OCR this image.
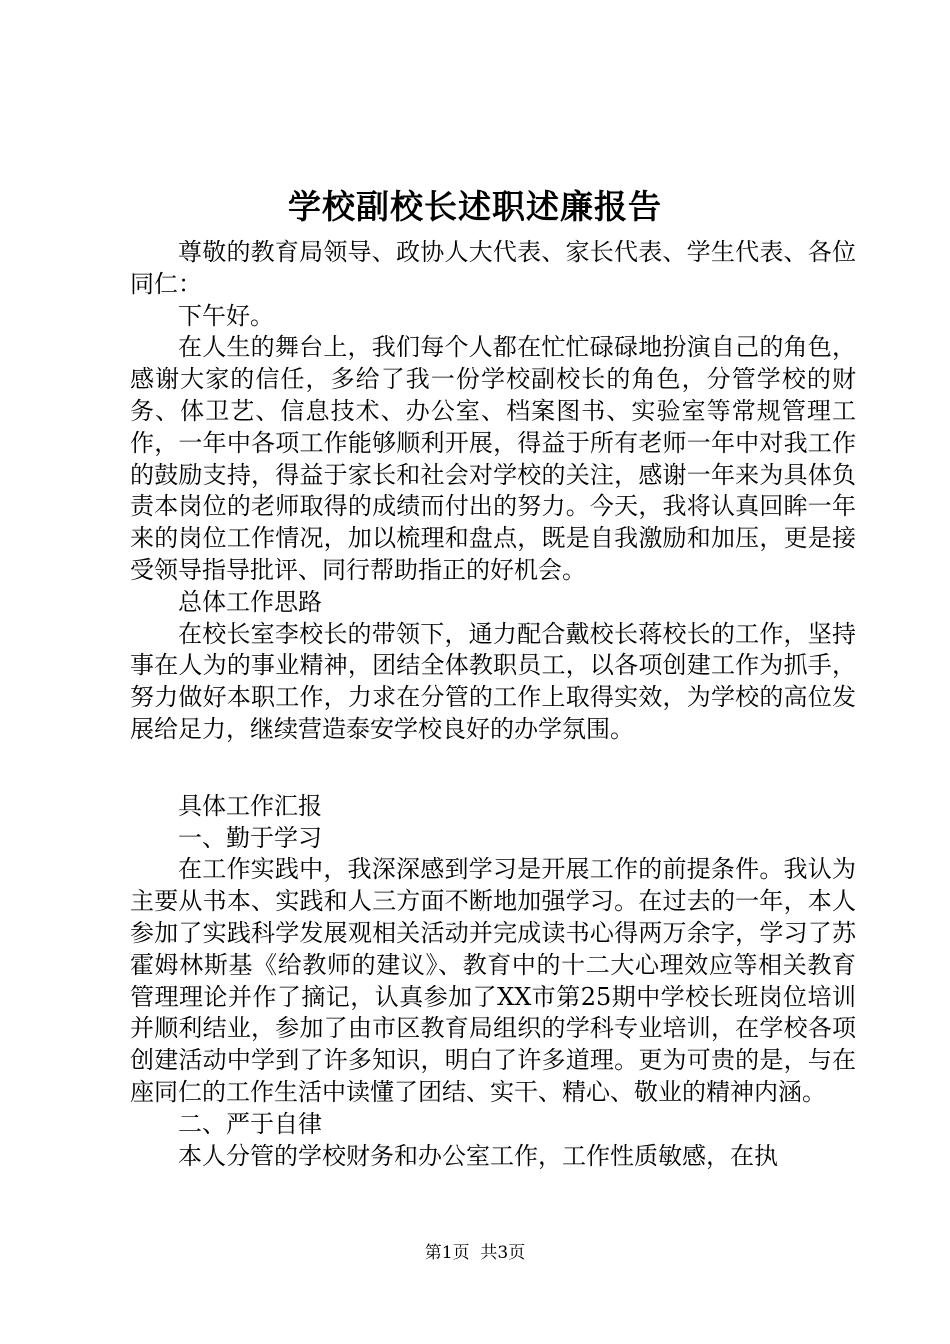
学校副校长述职述廉报告

尊敬的教育局领导、政协人大代表、家长代表、学生代表、各位同仁：

下午好。

在人生的舞台上，我们每个人都在忙忙碌碌地扮演自己的角色，感谢大家的信任，多给了我一份学校副校长的角色，分管学校的财务、体卫艺、信息技术、办公室、档案图书、实验室等常规管理工作，一年中各项工作能够顺利开展，得益于所有老师一年中对我工作的鼓励支持，得益于家长和社会对学校的关注，感谢一年来为具体负责本岗位的老师取得的成绩而付出的努力。今天，我将认真回眸一年来的岗位工作情况，加以梳理和盘点，既是自我激励和加压，更是接受领导指导批评、同行帮助指正的好机会。

总体工作思路

在校长室李校长的带领下，通力配合戴校长蒋校长的工作，坚持事在人为的事业精神，团结全体教职员工，以各项创建工作为抓手，努力做好本职工作，力求在分管的工作上取得实效，为学校的高位发展给足力，继续营造泰安学校良好的办学氛围。

具体工作汇报

一、勤于学习

在工作实践中，我深深感到学习是开展工作的前提条件。我认为主要从书本、实践和人三方面不断地加强学习。在过去的一年，本人参加了实践科学发展观相关活动并完成读书心得两万余字，学习了苏霍姆林斯基《给教师的建议》、教育中的十二大心理效应等相关教育管理理论并作了摘记，认真参加了XX市第25期中学校长班岗位培训并顺利结业，参加了由市区教育局组织的学科专业培训，在学校各项创建活动中学到了许多知识，明白了许多道理。更为可贵的是，与在座同仁的工作生活中读懂了团结、实干、精心、敬业的精神内涵。

二、严于自律

本人分管的学校财务和办公室工作，工作性质敏感，在执

第1页  共3页
